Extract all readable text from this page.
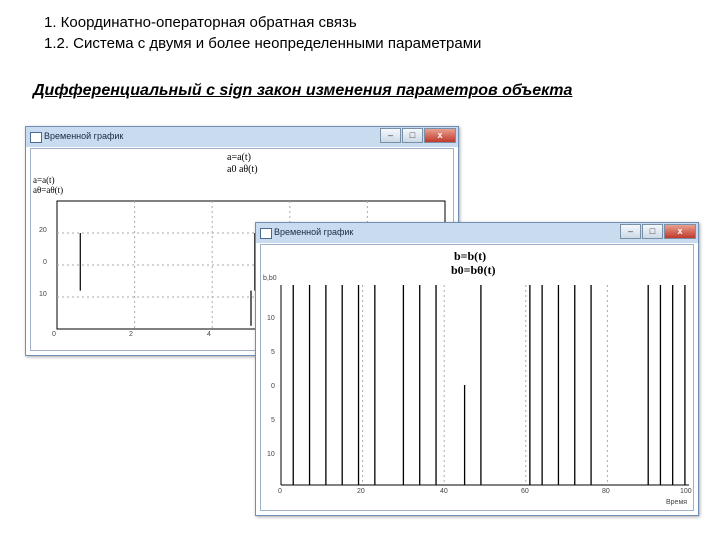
1. Координатно-операторная обратная связь
1.2. Система с двумя и более неопределенными параметрами
Дифференциальный с sign закон изменения параметров объекта
Временной график	–	□	x
a=a(t)
a0 aθ(t)
a=a(t)
aθ=aθ(t)
20
0
10
0	2	4
Временной график	–	□	x
b=b(t)
b0=bθ(t)
b,b0
10
5
0
5
10
0	20	40	60	80	100
Время
